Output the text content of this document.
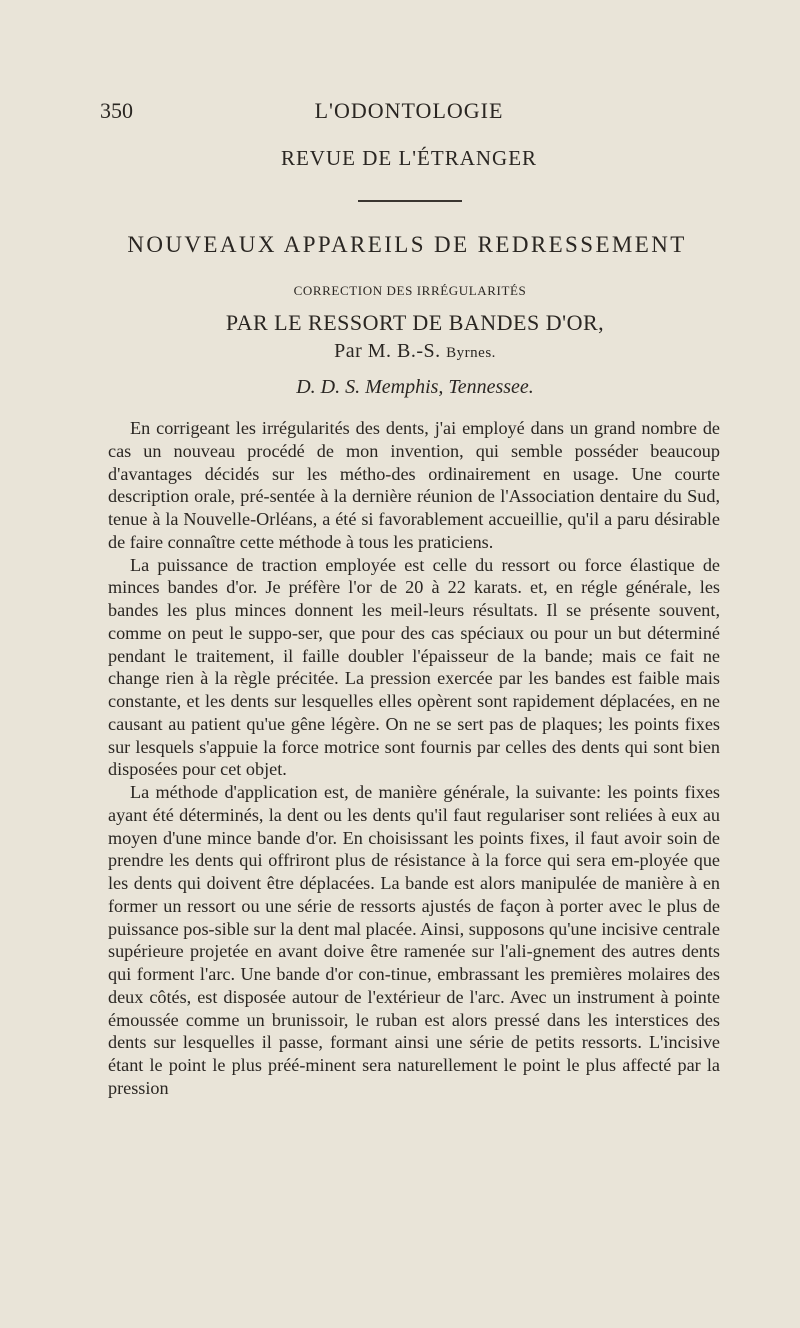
350	L'ODONTOLOGIE
REVUE DE L'ÉTRANGER
NOUVEAUX APPAREILS DE REDRESSEMENT
CORRECTION DES IRRÉGULARITÉS
PAR LE RESSORT DE BANDES D'OR,
Par M. B.-S. Byrnes.
D. D. S. Memphis, Tennessee.

En corrigeant les irrégularités des dents, j'ai employé dans un grand nombre de cas un nouveau procédé de mon invention, qui semble posséder beaucoup d'avantages décidés sur les métho-des ordinairement en usage. Une courte description orale, pré-sentée à la dernière réunion de l'Association dentaire du Sud, tenue à la Nouvelle-Orléans, a été si favorablement accueillie, qu'il a paru désirable de faire connaître cette méthode à tous les praticiens.

La puissance de traction employée est celle du ressort ou force élastique de minces bandes d'or. Je préfère l'or de 20 à 22 karats. et, en régle générale, les bandes les plus minces donnent les meil-leurs résultats. Il se présente souvent, comme on peut le suppo-ser, que pour des cas spéciaux ou pour un but déterminé pendant le traitement, il faille doubler l'épaisseur de la bande; mais ce fait ne change rien à la règle précitée. La pression exercée par les bandes est faible mais constante, et les dents sur lesquelles elles opèrent sont rapidement déplacées, en ne causant au patient qu'ue gêne légère. On ne se sert pas de plaques; les points fixes sur lesquels s'appuie la force motrice sont fournis par celles des dents qui sont bien disposées pour cet objet.

La méthode d'application est, de manière générale, la suivante: les points fixes ayant été déterminés, la dent ou les dents qu'il faut regulariser sont reliées à eux au moyen d'une mince bande d'or. En choisissant les points fixes, il faut avoir soin de prendre les dents qui offriront plus de résistance à la force qui sera em-ployée que les dents qui doivent être déplacées. La bande est alors manipulée de manière à en former un ressort ou une série de ressorts ajustés de façon à porter avec le plus de puissance pos-sible sur la dent mal placée. Ainsi, supposons qu'une incisive centrale supérieure projetée en avant doive être ramenée sur l'ali-gnement des autres dents qui forment l'arc. Une bande d'or con-tinue, embrassant les premières molaires des deux côtés, est disposée autour de l'extérieur de l'arc. Avec un instrument à pointe émoussée comme un brunissoir, le ruban est alors pressé dans les interstices des dents sur lesquelles il passe, formant ainsi une série de petits ressorts. L'incisive étant le point le plus préé-minent sera naturellement le point le plus affecté par la pression
